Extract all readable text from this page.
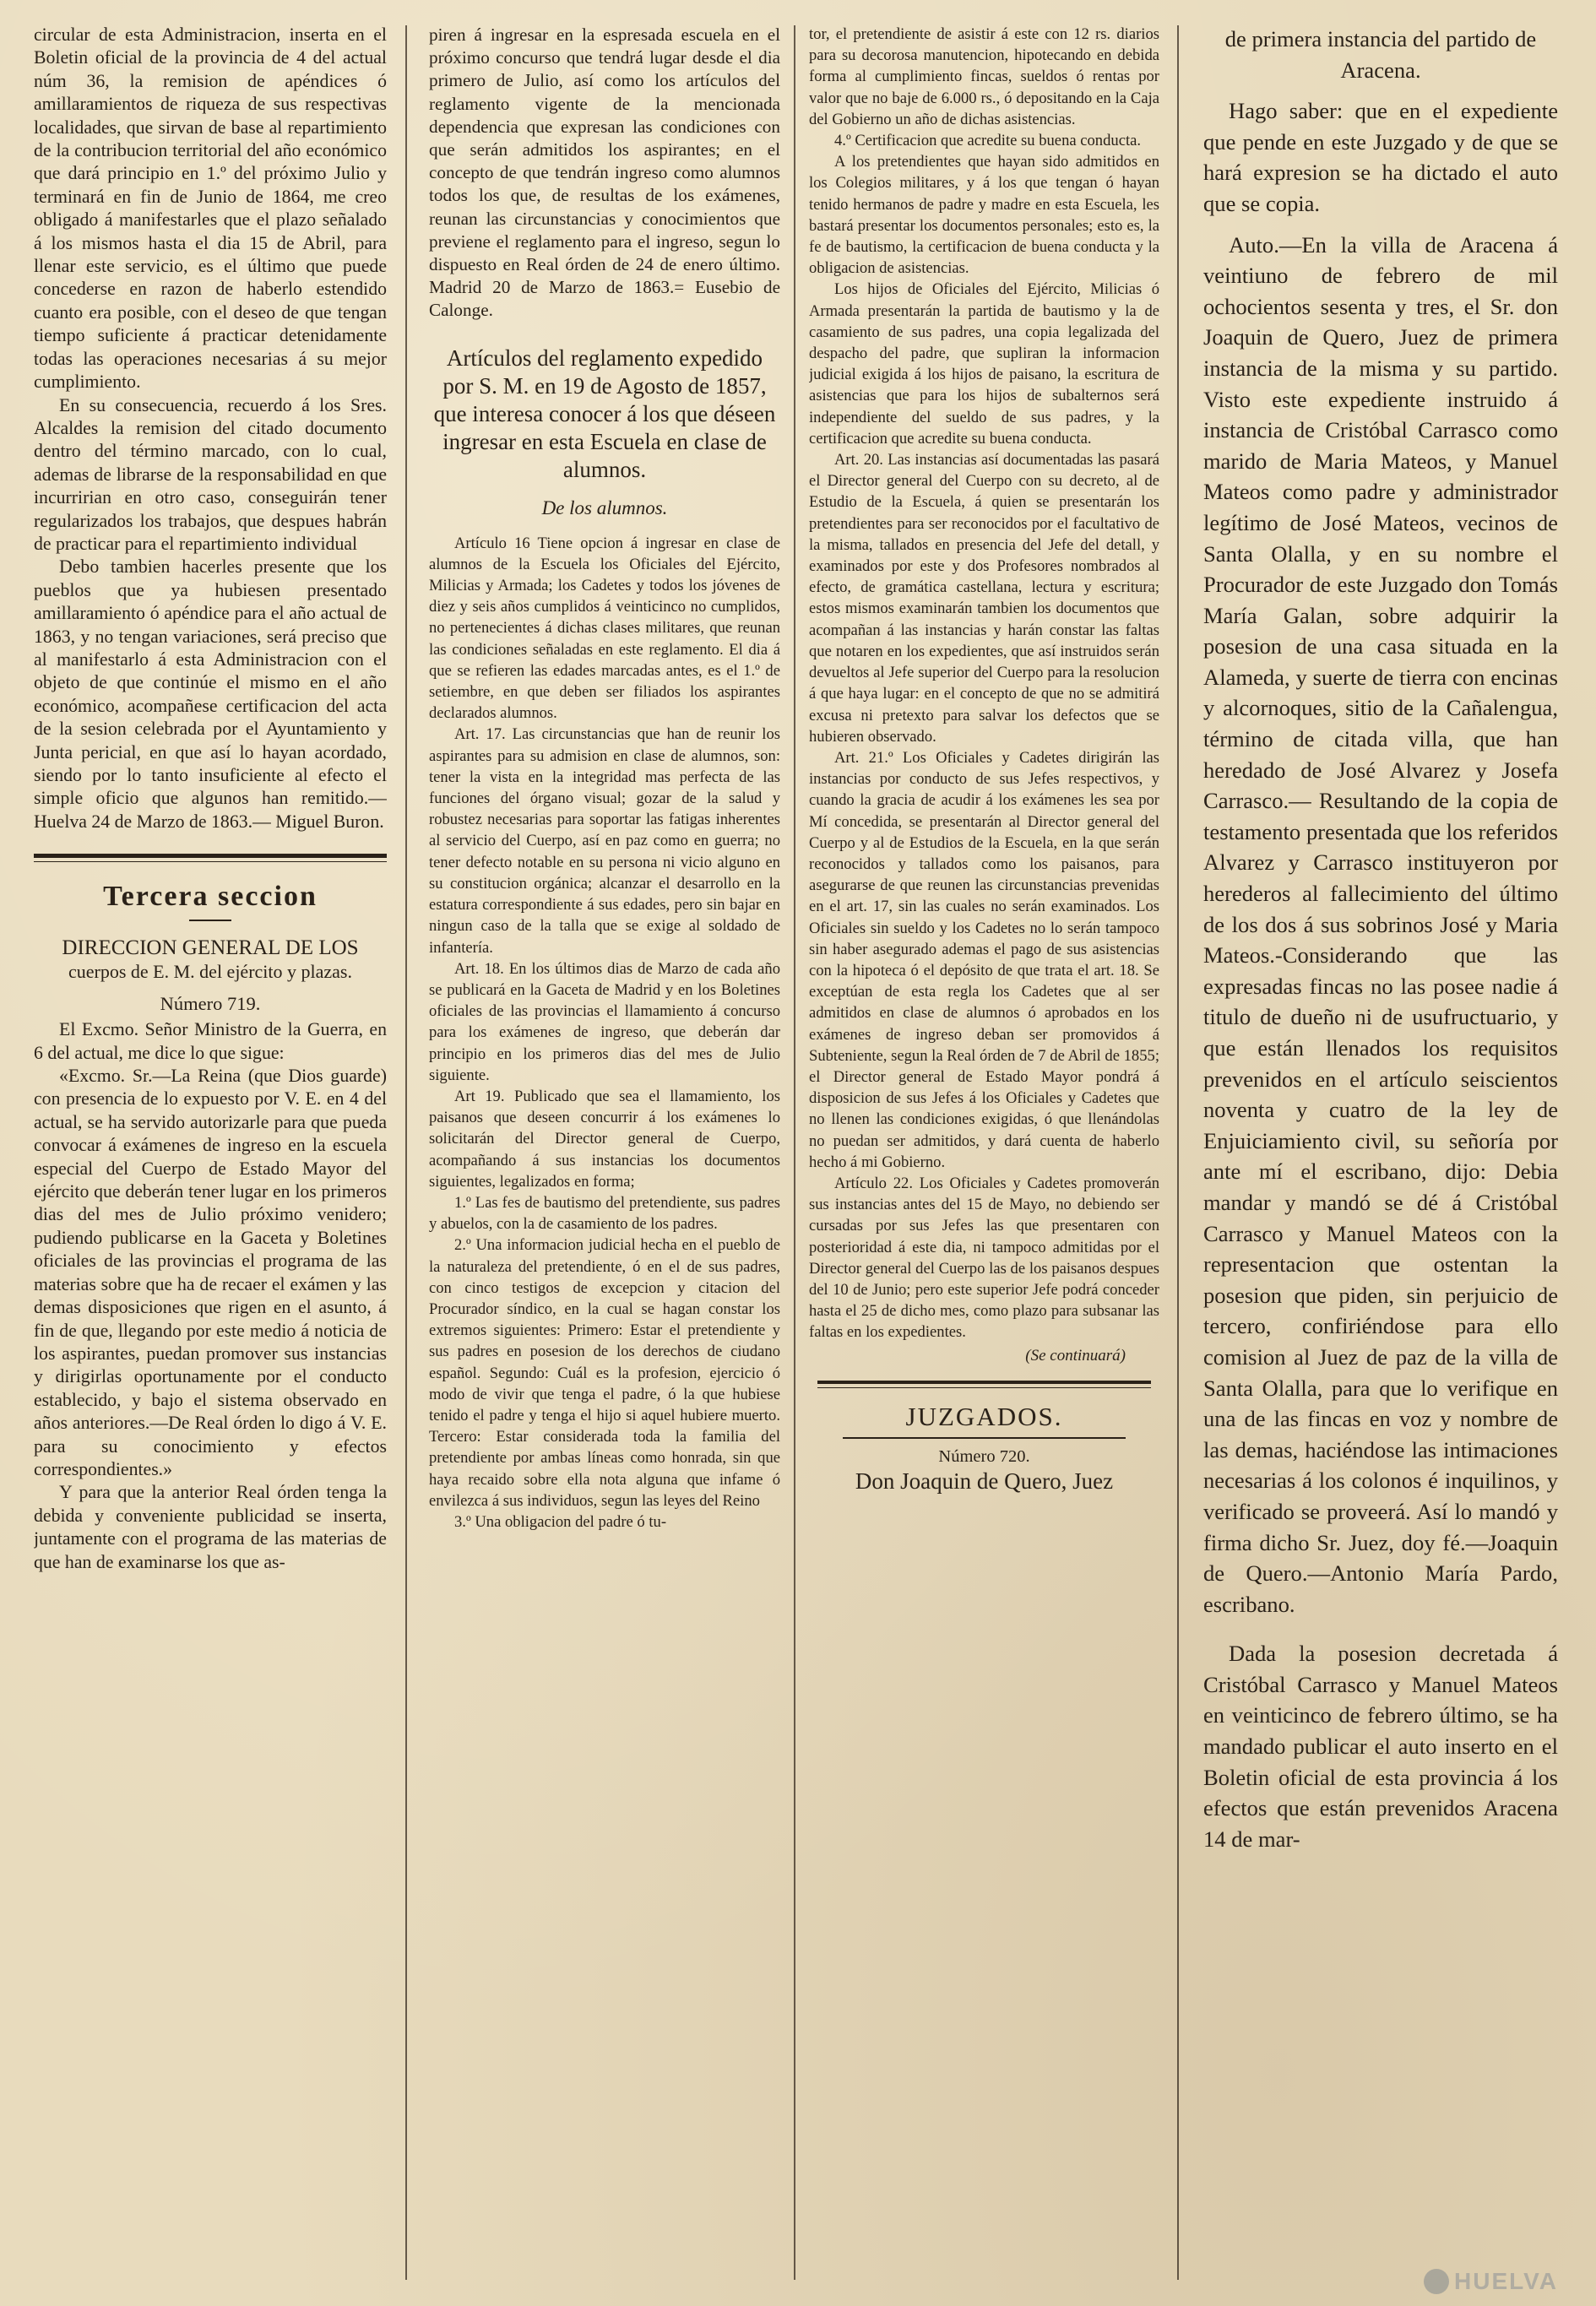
circular de esta Administracion, inserta en el Boletin oficial de la provincia de 4 del actual núm 36, la remision de apéndices ó amillaramientos de riqueza de sus respectivas localidades, que sirvan de base al repartimiento de la contribucion territorial del año económico que dará principio en 1.º del próximo Julio y terminará en fin de Junio de 1864, me creo obligado á manifestarles que el plazo señalado á los mismos hasta el dia 15 de Abril, para llenar este servicio, es el último que puede concederse en razon de haberlo estendido cuanto era posible, con el deseo de que tengan tiempo suficiente á practicar detenidamente todas las operaciones necesarias á su mejor cumplimiento.

En su consecuencia, recuerdo á los Sres. Alcaldes la remision del citado documento dentro del término marcado, con lo cual, ademas de librarse de la responsabilidad en que incurririan en otro caso, conseguirán tener regularizados los trabajos, que despues habrán de practicar para el repartimiento individual

Debo tambien hacerles presente que los pueblos que ya hubiesen presentado amillaramiento ó apéndice para el año actual de 1863, y no tengan variaciones, será preciso que al manifestarlo á esta Administracion con el objeto de que continúe el mismo en el año económico, acompañese certificacion del acta de la sesion celebrada por el Ayuntamiento y Junta pericial, en que así lo hayan acordado, siendo por lo tanto insuficiente al efecto el simple oficio que algunos han remitido.— Huelva 24 de Marzo de 1863.— Miguel Buron.

Tercera seccion
DIRECCION GENERAL DE LOS
cuerpos de E. M. del ejército y plazas.
Número 719.

El Excmo. Señor Ministro de la Guerra, en 6 del actual, me dice lo que sigue:

«Excmo. Sr.—La Reina (que Dios guarde) con presencia de lo expuesto por V. E. en 4 del actual, se ha servido autorizarle para que pueda convocar á exámenes de ingreso en la escuela especial del Cuerpo de Estado Mayor del ejército que deberán tener lugar en los primeros dias del mes de Julio próximo venidero; pudiendo publicarse en la Gaceta y Boletines oficiales de las provincias el programa de las materias sobre que ha de recaer el exámen y las demas disposiciones que rigen en el asunto, á fin de que, llegando por este medio á noticia de los aspirantes, puedan promover sus instancias y dirigirlas oportunamente por el conducto establecido, y bajo el sistema observado en años anteriores.—De Real órden lo digo á V. E. para su conocimiento y efectos correspondientes.»

Y para que la anterior Real órden tenga la debida y conveniente publicidad se inserta, juntamente con el programa de las materias de que han de examinarse los que as-

piren á ingresar en la espresada escuela en el próximo concurso que tendrá lugar desde el dia primero de Julio, así como los artículos del reglamento vigente de la mencionada dependencia que expresan las condiciones con que serán admitidos los aspirantes; en el concepto de que tendrán ingreso como alumnos todos los que, de resultas de los exámenes, reunan las circunstancias y conocimientos que previene el reglamento para el ingreso, segun lo dispuesto en Real órden de 24 de enero último. Madrid 20 de Marzo de 1863.= Eusebio de Calonge.

Artículos del reglamento expedido por S. M. en 19 de Agosto de 1857, que interesa conocer á los que déseen ingresar en esta Escuela en clase de alumnos.
De los alumnos.

Artículo 16 Tiene opcion á ingresar en clase de alumnos de la Escuela los Oficiales del Ejército, Milicias y Armada; los Cadetes y todos los jóvenes de diez y seis años cumplidos á veinticinco no cumplidos, no pertenecientes á dichas clases militares, que reunan las condiciones señaladas en este reglamento. El dia á que se refieren las edades marcadas antes, es el 1.º de setiembre, en que deben ser filiados los aspirantes declarados alumnos.

Art. 17. Las circunstancias que han de reunir los aspirantes para su admision en clase de alumnos, son: tener la vista en la integridad mas perfecta de las funciones del órgano visual; gozar de la salud y robustez necesarias para soportar las fatigas inherentes al servicio del Cuerpo, así en paz como en guerra; no tener defecto notable en su persona ni vicio alguno en su constitucion orgánica; alcanzar el desarrollo en la estatura correspondiente á sus edades, pero sin bajar en ningun caso de la talla que se exige al soldado de infantería.

Art. 18. En los últimos dias de Marzo de cada año se publicará en la Gaceta de Madrid y en los Boletines oficiales de las provincias el llamamiento á concurso para los exámenes de ingreso, que deberán dar principio en los primeros dias del mes de Julio siguiente.

Art 19. Publicado que sea el llamamiento, los paisanos que deseen concurrir á los exámenes lo solicitarán del Director general de Cuerpo, acompañando á sus instancias los documentos siguientes, legalizados en forma;

1.º Las fes de bautismo del pretendiente, sus padres y abuelos, con la de casamiento de los padres.

2.º Una informacion judicial hecha en el pueblo de la naturaleza del pretendiente, ó en el de sus padres, con cinco testigos de excepcion y citacion del Procurador síndico, en la cual se hagan constar los extremos siguientes: Primero: Estar el pretendiente y sus padres en posesion de los derechos de ciudano español. Segundo: Cuál es la profesion, ejercicio ó modo de vivir que tenga el padre, ó la que hubiese tenido el padre y tenga el hijo si aquel hubiere muerto. Tercero: Estar considerada toda la familia del pretendiente por ambas líneas como honrada, sin que haya recaido sobre ella nota alguna que infame ó envilezca á sus individuos, segun las leyes del Reino

3.º Una obligacion del padre ó tu-

tor, el pretendiente de asistir á este con 12 rs. diarios para su decorosa manutencion, hipotecando en debida forma al cumplimiento fincas, sueldos ó rentas por valor que no baje de 6.000 rs., ó depositando en la Caja del Gobierno un año de dichas asistencias.

4.º Certificacion que acredite su buena conducta.

A los pretendientes que hayan sido admitidos en los Colegios militares, y á los que tengan ó hayan tenido hermanos de padre y madre en esta Escuela, les bastará presentar los documentos personales; esto es, la fe de bautismo, la certificacion de buena conducta y la obligacion de asistencias.

Los hijos de Oficiales del Ejército, Milicias ó Armada presentarán la partida de bautismo y la de casamiento de sus padres, una copia legalizada del despacho del padre, que supliran la informacion judicial exigida á los hijos de paisano, la escritura de asistencias que para los hijos de subalternos será independiente del sueldo de sus padres, y la certificacion que acredite su buena conducta.

Art. 20. Las instancias así documentadas las pasará el Director general del Cuerpo con su decreto, al de Estudio de la Escuela, á quien se presentarán los pretendientes para ser reconocidos por el facultativo de la misma, tallados en presencia del Jefe del detall, y examinados por este y dos Profesores nombrados al efecto, de gramática castellana, lectura y escritura; estos mismos examinarán tambien los documentos que acompañan á las instancias y harán constar las faltas que notaren en los expedientes, que así instruidos serán devueltos al Jefe superior del Cuerpo para la resolucion á que haya lugar: en el concepto de que no se admitirá excusa ni pretexto para salvar los defectos que se hubieren observado.

Art. 21.º Los Oficiales y Cadetes dirigirán las instancias por conducto de sus Jefes respectivos, y cuando la gracia de acudir á los exámenes les sea por Mí concedida, se presentarán al Director general del Cuerpo y al de Estudios de la Escuela, en la que serán reconocidos y tallados como los paisanos, para asegurarse de que reunen las circunstancias prevenidas en el art. 17, sin las cuales no serán examinados. Los Oficiales sin sueldo y los Cadetes no lo serán tampoco sin haber asegurado ademas el pago de sus asistencias con la hipoteca ó el depósito de que trata el art. 18. Se exceptúan de esta regla los Cadetes que al ser admitidos en clase de alumnos ó aprobados en los exámenes de ingreso deban ser promovidos á Subteniente, segun la Real órden de 7 de Abril de 1855; el Director general de Estado Mayor pondrá á disposicion de sus Jefes á los Oficiales y Cadetes que no llenen las condiciones exigidas, ó que llenándolas no puedan ser admitidos, y dará cuenta de haberlo hecho á mi Gobierno.

Artículo 22. Los Oficiales y Cadetes promoverán sus instancias antes del 15 de Mayo, no debiendo ser cursadas por sus Jefes las que presentaren con posterioridad á este dia, ni tampoco admitidas por el Director general del Cuerpo las de los paisanos despues del 10 de Junio; pero este superior Jefe podrá conceder hasta el 25 de dicho mes, como plazo para subsanar las faltas en los expedientes.

(Se continuará)
JUZGADOS.
Número 720.
Don Joaquin de Quero, Juez

de primera instancia del partido de Aracena.

Hago saber: que en el expediente que pende en este Juzgado y de que se hará expresion se ha dictado el auto que se copia.

Auto.—En la villa de Aracena á veintiuno de febrero de mil ochocientos sesenta y tres, el Sr. don Joaquin de Quero, Juez de primera instancia de la misma y su partido. Visto este expediente instruido á instancia de Cristóbal Carrasco como marido de Maria Mateos, y Manuel Mateos como padre y administrador legítimo de José Mateos, vecinos de Santa Olalla, y en su nombre el Procurador de este Juzgado don Tomás María Galan, sobre adquirir la posesion de una casa situada en la Alameda, y suerte de tierra con encinas y alcornoques, sitio de la Cañalengua, término de citada villa, que han heredado de José Alvarez y Josefa Carrasco.— Resultando de la copia de testamento presentada que los referidos Alvarez y Carrasco instituyeron por herederos al fallecimiento del último de los dos á sus sobrinos José y Maria Mateos.-Considerando que las expresadas fincas no las posee nadie á titulo de dueño ni de usufructuario, y que están llenados los requisitos prevenidos en el artículo seiscientos noventa y cuatro de la ley de Enjuiciamiento civil, su señoría por ante mí el escribano, dijo: Debia mandar y mandó se dé á Cristóbal Carrasco y Manuel Mateos con la representacion que ostentan la posesion que piden, sin perjuicio de tercero, confiriéndose para ello comision al Juez de paz de la villa de Santa Olalla, para que lo verifique en una de las fincas en voz y nombre de las demas, haciéndose las intimaciones necesarias á los colonos é inquilinos, y verificado se proveerá. Así lo mandó y firma dicho Sr. Juez, doy fé.—Joaquin de Quero.—Antonio María Pardo, escribano.

Dada la posesion decretada á Cristóbal Carrasco y Manuel Mateos en veinticinco de febrero último, se ha mandado publicar el auto inserto en el Boletin oficial de esta provincia á los efectos que están prevenidos Aracena 14 de mar-

HUELVA
